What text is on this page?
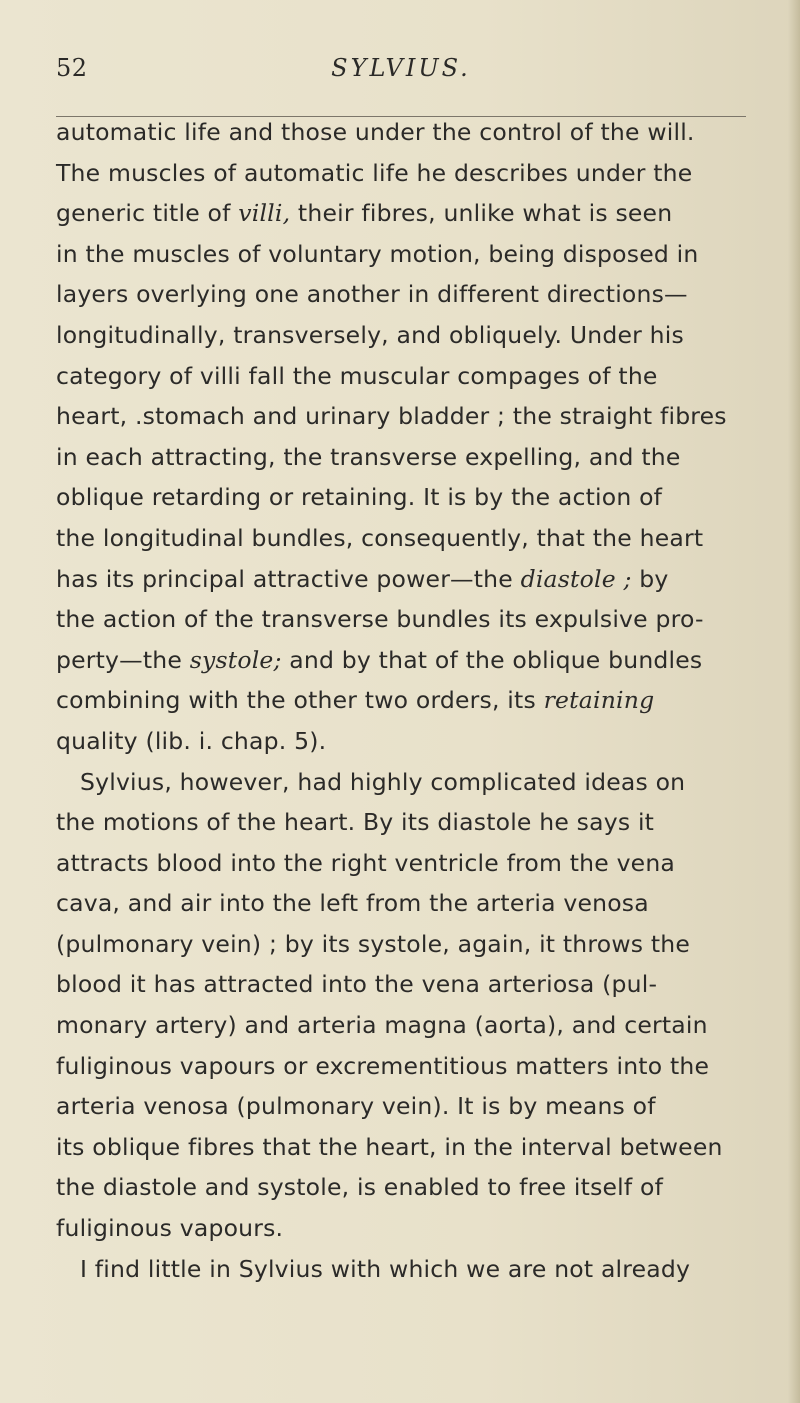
52	SYLVIUS.
automatic life and those under the control of the will.
The muscles of automatic life he describes under the
generic title of villi, their fibres, unlike what is seen
in the muscles of voluntary motion, being disposed in
layers overlying one another in different directions—
longitudinally, transversely, and obliquely. Under his
category of villi fall the muscular compages of the
heart, .stomach and urinary bladder ; the straight fibres
in each attracting, the transverse expelling, and the
oblique retarding or retaining. It is by the action of
the longitudinal bundles, consequently, that the heart
has its principal attractive power—the diastole ; by
the action of the transverse bundles its expulsive pro-
perty—the systole; and by that of the oblique bundles
combining with the other two orders, its retaining
quality (lib. i. chap. 5).
Sylvius, however, had highly complicated ideas on
the motions of the heart. By its diastole he says it
attracts blood into the right ventricle from the vena
cava, and air into the left from the arteria venosa
(pulmonary vein) ; by its systole, again, it throws the
blood it has attracted into the vena arteriosa (pul-
monary artery) and arteria magna (aorta), and certain
fuliginous vapours or excrementitious matters into the
arteria venosa (pulmonary vein). It is by means of
its oblique fibres that the heart, in the interval between
the diastole and systole, is enabled to free itself of
fuliginous vapours.
I find little in Sylvius with which we are not already
